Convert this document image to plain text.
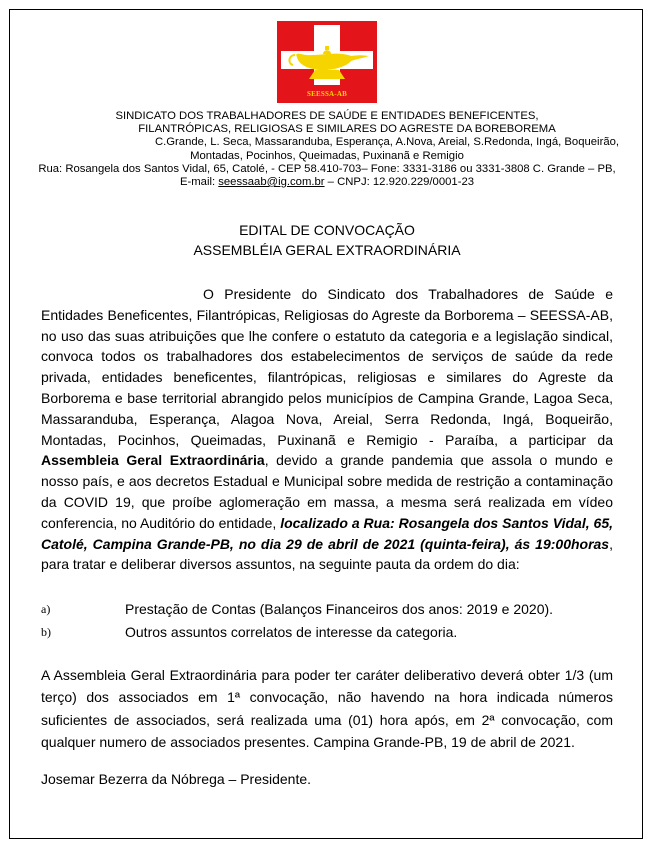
SEESSA-AB
SINDICATO DOS TRABALHADORES DE SAÚDE E ENTIDADES BENEFICENTES,
FILANTRÓPICAS, RELIGIOSAS E SIMILARES DO AGRESTE DA BOREBOREMA
C.Grande, L. Seca, Massaranduba, Esperança, A.Nova, Areial, S.Redonda, Ingá, Boqueirão,
Montadas, Pocinhos, Queimadas, Puxinanã e Remigio
Rua: Rosangela dos Santos Vidal, 65, Catolé, - CEP 58.410-703– Fone: 3331-3186 ou 3331-3808 C. Grande – PB,
E-mail: seessaab@ig.com.br – CNPJ: 12.920.229/0001-23
EDITAL DE CONVOCAÇÃO
ASSEMBLÉIA GERAL EXTRAORDINÁRIA
O Presidente do Sindicato dos Trabalhadores de Saúde e Entidades Beneficentes, Filantrópicas, Religiosas do Agreste da Borborema – SEESSA-AB, no uso das suas atribuições que lhe confere o estatuto da categoria e a legislação sindical, convoca todos os trabalhadores dos estabelecimentos de serviços de saúde da rede privada, entidades beneficentes, filantrópicas, religiosas e similares do Agreste da Borborema e base territorial abrangido pelos municípios de Campina Grande, Lagoa Seca, Massaranduba, Esperança, Alagoa Nova, Areial, Serra Redonda, Ingá, Boqueirão, Montadas, Pocinhos, Queimadas, Puxinanã e Remigio - Paraíba, a participar da Assembleia Geral Extraordinária, devido a grande pandemia que assola o mundo e nosso país, e aos decretos Estadual e Municipal sobre medida de restrição a contaminação da COVID 19, que proíbe aglomeração em massa, a mesma será realizada em vídeo conferencia, no Auditório do entidade, localizado a Rua: Rosangela dos Santos Vidal, 65, Catolé, Campina Grande-PB, no dia 29 de abril de 2021 (quinta-feira), ás 19:00horas, para tratar e deliberar diversos assuntos, na seguinte pauta da ordem do dia:
a)	Prestação de Contas (Balanços Financeiros dos anos: 2019 e 2020).
b)	Outros assuntos correlatos de interesse da categoria.
A Assembleia Geral Extraordinária para poder ter caráter deliberativo deverá obter 1/3 (um terço) dos associados em 1ª convocação, não havendo na hora indicada números suficientes de associados, será realizada uma (01) hora após, em 2ª convocação, com qualquer numero de associados presentes. Campina Grande-PB, 19 de abril de 2021.
Josemar Bezerra da Nóbrega – Presidente.
